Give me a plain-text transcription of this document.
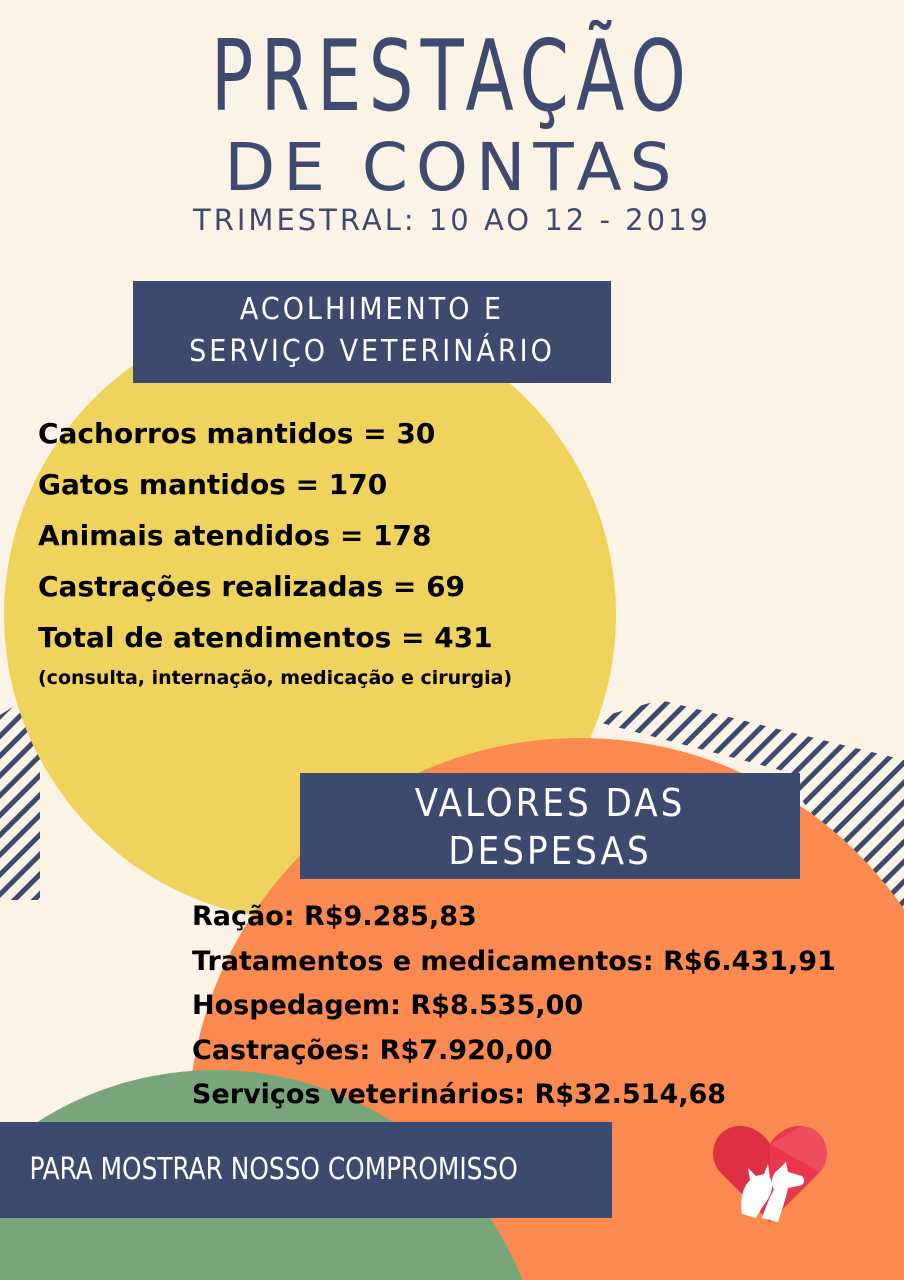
PRESTAÇÃO
DE CONTAS
TRIMESTRAL: 10 AO 12 - 2019
ACOLHIMENTO E
SERVIÇO VETERINÁRIO
Cachorros mantidos = 30
Gatos mantidos = 170
Animais atendidos = 178
Castrações realizadas = 69
Total de atendimentos = 431
(consulta, internação, medicação e cirurgia)
VALORES DAS
DESPESAS
Ração: R$9.285,83
Tratamentos e medicamentos: R$6.431,91
Hospedagem: R$8.535,00
Castrações: R$7.920,00
Serviços veterinários: R$32.514,68
PARA MOSTRAR NOSSO COMPROMISSO
